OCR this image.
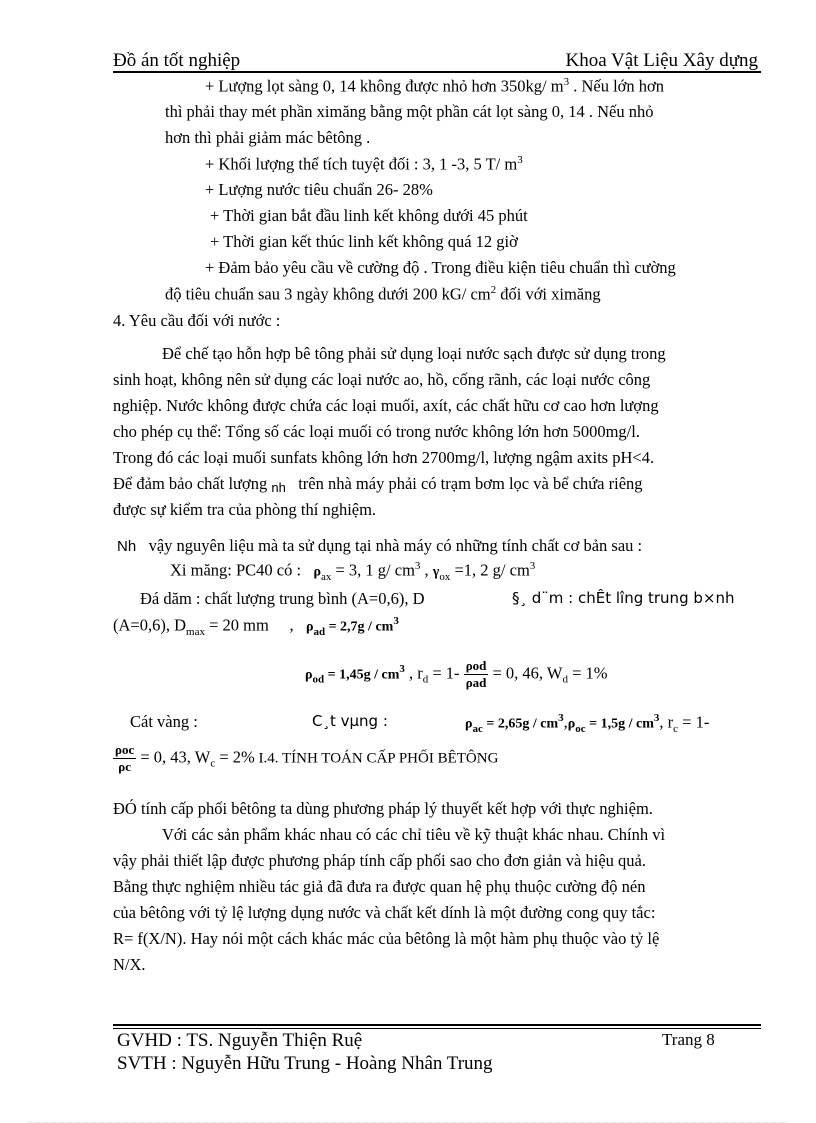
Đồ án tốt nghiệp	Khoa Vật Liệu Xây dựng
+ Lượng lọt sàng 0, 14 không được nhỏ hơn 350kg/ $m^3$ . Nếu lớn hơn
thì phải thay mét phần ximăng bằng một phần cát lọt sàng 0, 14 . Nếu nhỏ
hơn thì phải giảm mác bêtông .
+ Khối lượng thể tích tuyệt đối : 3, 1 -3, 5 T/ $m^3$
+ Lượng nước tiêu chuẩn 26- 28%
+ Thời gian bắt đầu linh kết không dưới 45 phút
+ Thời gian kết thúc linh kết không quá 12 giờ
+ Đảm bảo yêu cầu về cường độ . Trong điều kiện tiêu chuẩn thì cường
độ tiêu chuẩn sau 3 ngày không dưới 200 kG/ $cm^2$ đối với ximăng
4. Yêu cầu đối với nước :
Để chế tạo hỗn hợp bê tông phải sử dụng loại nước sạch được sử dụng trong
sinh hoạt, không nên sử dụng các loại nước ao, hồ, cống rãnh, các loại nước công
nghiệp. Nước không được chứa các loại muối, axít, các chất hữu cơ cao hơn lượng
cho phép cụ thể: Tổng số các loại muối có trong nước không lớn hơn 5000mg/l.
Trong đó các loại muối sunfats không lớn hơn 2700mg/l, lượng ngậm axits pH<4.
Để đảm bảo chất lượng nh trên nhà máy phải có trạm bơm lọc và bể chứa riêng
được sự kiểm tra của phòng thí nghiệm.
Nh vậy nguyên liệu mà ta sử dụng tại nhà máy có những tính chất cơ bản sau :
Xi măng: PC40 có : $\rho_{ax} = 3$, 1 g/ $cm^3$ , $\gamma_{ox} =1$, 2 g/ $cm^3$
Đá dăm : chất lượng trung bình (A=0,6), D	§¸ d¨m : chÊt lîng trung b×nh
(A=0,6), $D_{max} = 20$ mm     ,   $\rho_{ad} = 2,7g / cm^3$
$\rho_{od} = 1,45g / cm^3$ , $r_d = 1- \frac{\text{ρod}}{\text{ρad}} = 0$, 46, $W_d = 1\%$
Cát vàng :	C¸t vµng :	$\rho_{ac} = 2,65g / cm^3,\rho_{oc} = 1,5g / cm^3$, $r_c = 1-$
$\frac{\text{ρoc}}{\rho c} = 0$, 43, $W_c = 2\%$ I.4. TÍNH TOÁN CẤP PHỐI BÊTÔNG
ĐÓ tính cấp phối bêtông ta dùng phương pháp lý thuyết kết hợp với thực nghiệm.
Với các sản phẩm khác nhau có các chỉ tiêu về kỹ thuật khác nhau. Chính vì
vậy phải thiết lập được phương pháp tính cấp phối sao cho đơn giản và hiệu quả.
Bằng thực nghiệm nhiều tác giả đã đưa ra được quan hệ phụ thuộc cường độ nén
của bêtông với tỷ lệ lượng dụng nước và chất kết dính là một đường cong quy tắc:
R= f(X/N). Hay nói một cách khác mác của bêtông là một hàm phụ thuộc vào tỷ lệ
N/X.
GVHD : TS. Nguyễn Thiện Ruệ	Trang 8
SVTH : Nguyễn Hữu Trung - Hoàng Nhân Trung
